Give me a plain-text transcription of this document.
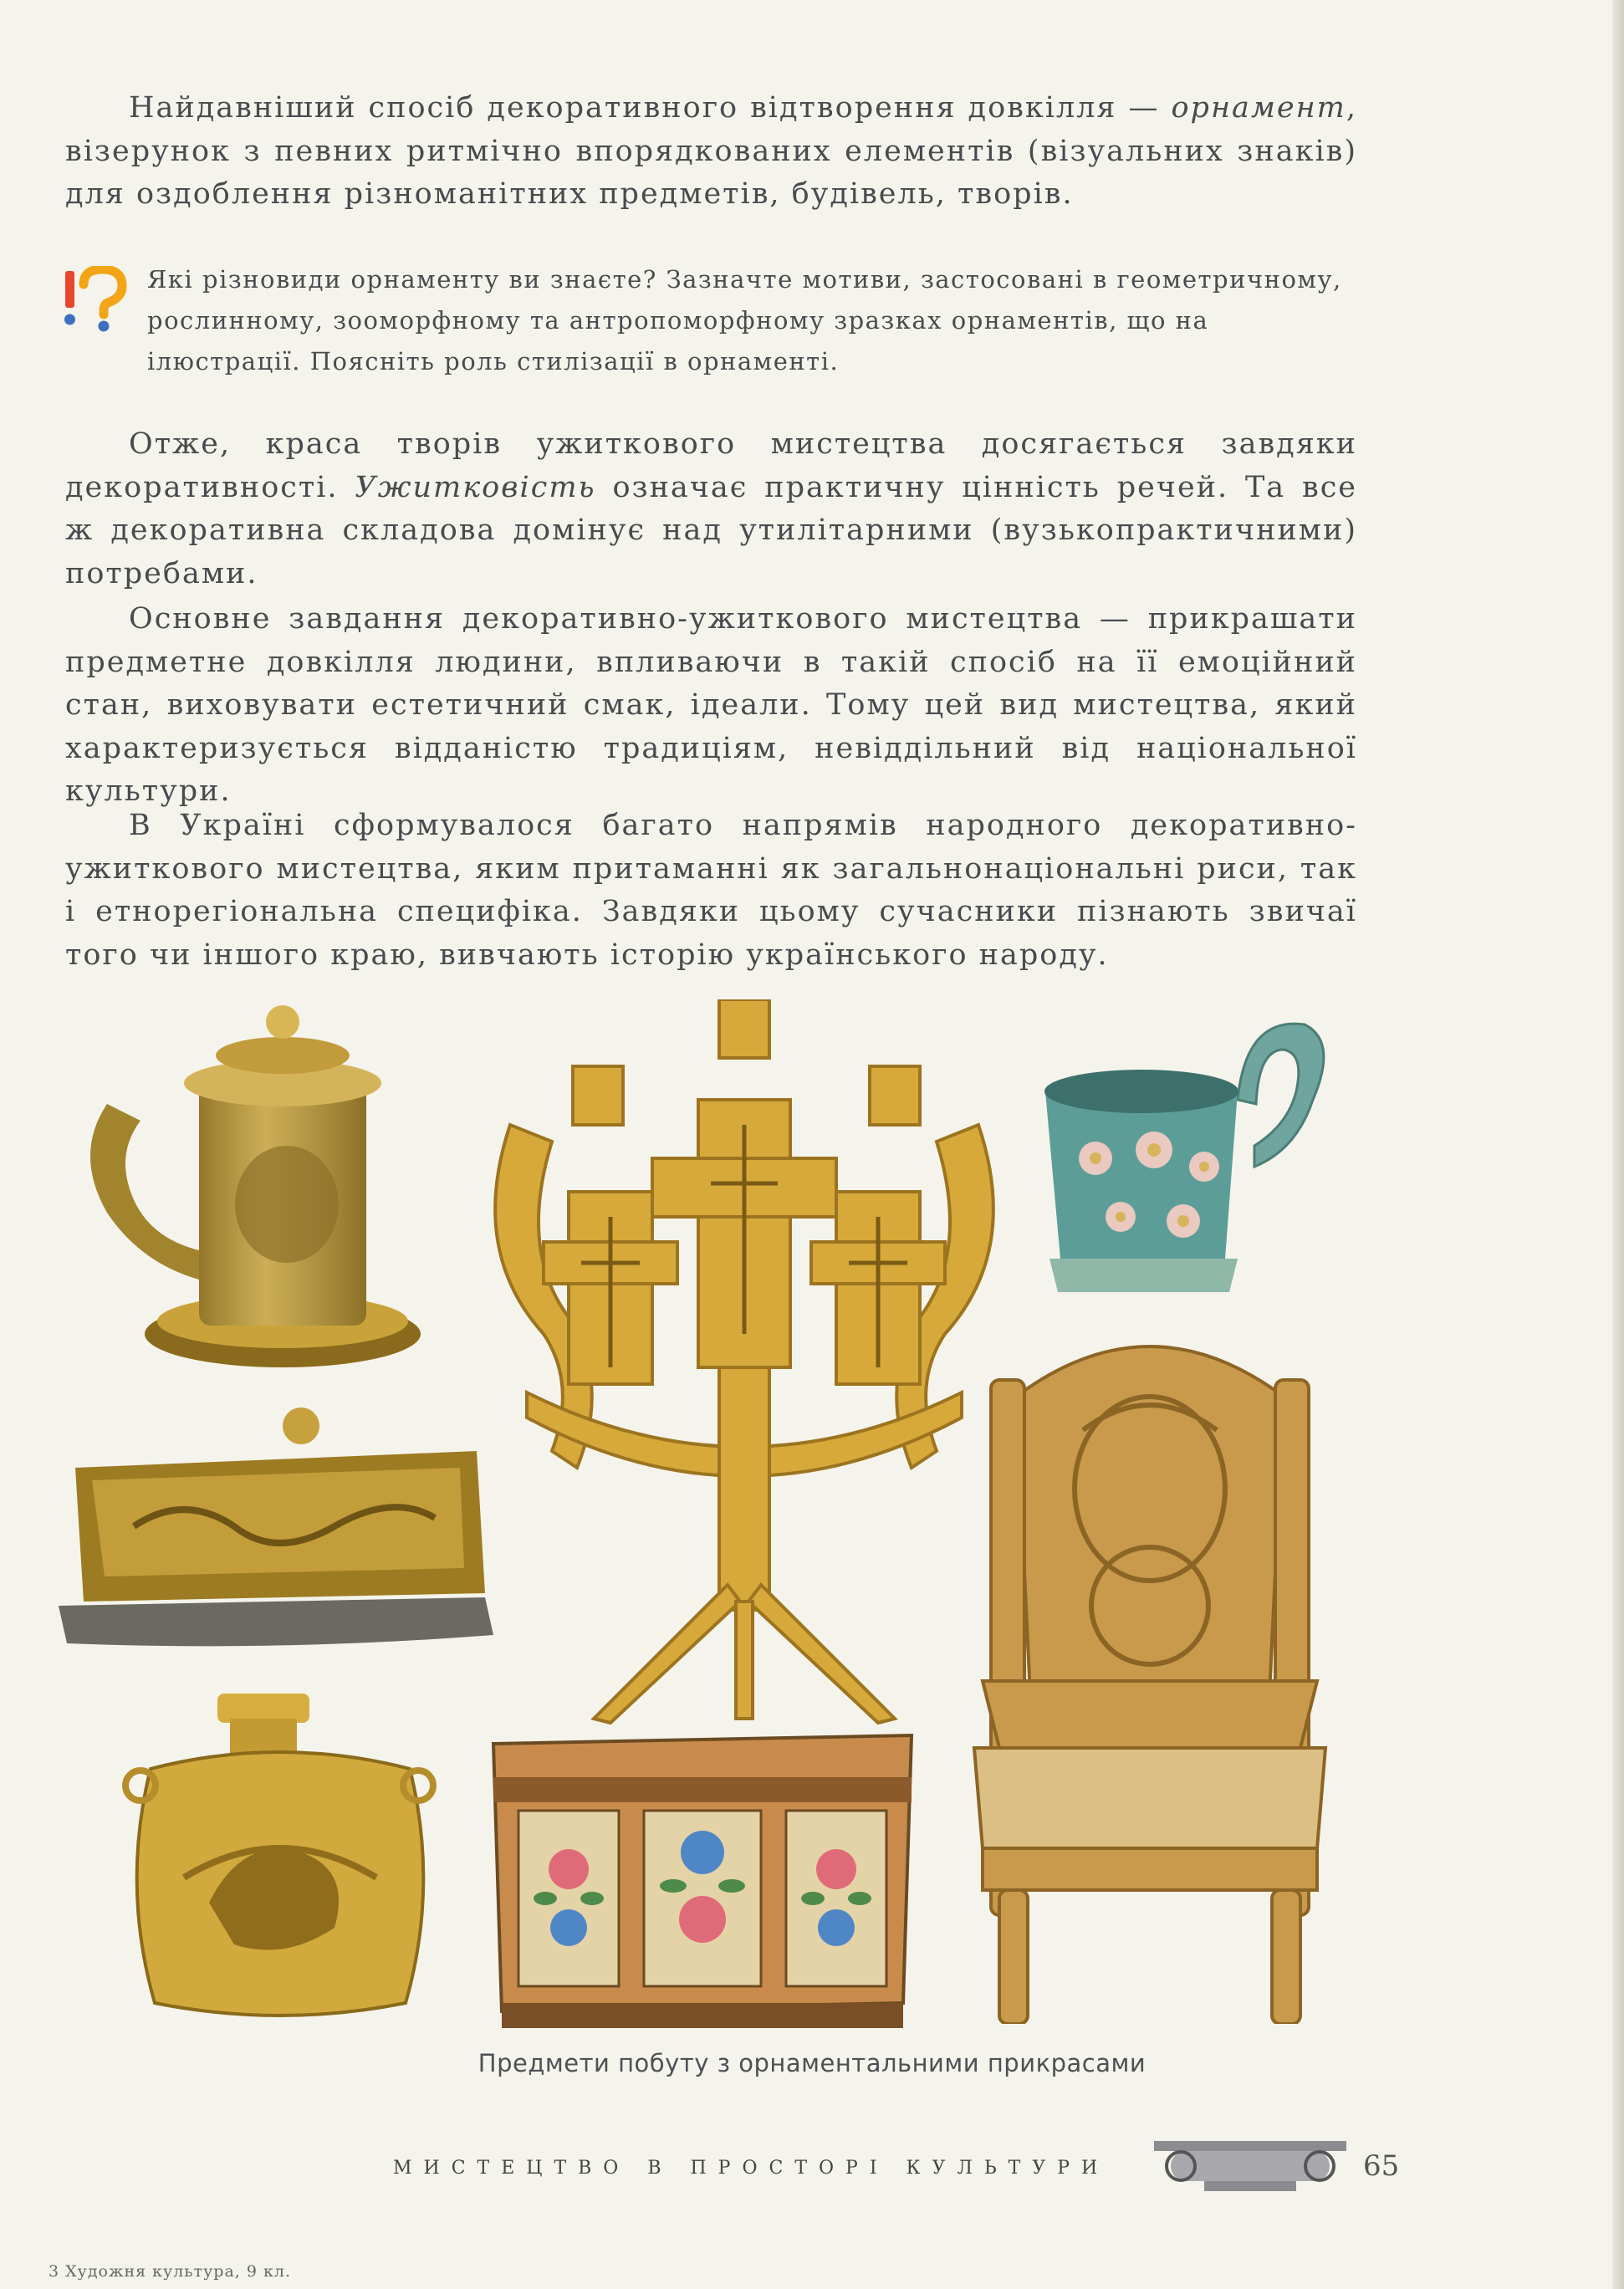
Найдавніший спосіб декоративного відтворення довкілля — орнамент, візерунок з певних ритмічно впорядкованих елементів (візуальних знаків) для оздоблення різноманітних предметів, будівель, творів.

Які різновиди орнаменту ви знаєте? Зазначте мотиви, застосовані в геометричному, рослинному, зооморфному та антропоморфному зразках орнаментів, що на ілюстрації. Поясніть роль стилізації в орнаменті.

Отже, краса творів ужиткового мистецтва досягається завдяки декоративності. Ужитковість означає практичну цінність речей. Та все ж декоративна складова домінує над утилітарними (вузькопрактичними) потребами.

Основне завдання декоративно-ужиткового мистецтва — прикрашати предметне довкілля людини, впливаючи в такій спосіб на її емоційний стан, виховувати естетичний смак, ідеали. Тому цей вид мистецтва, який характеризується відданістю традиціям, невіддільний від національної культури.

В Україні сформувалося багато напрямів народного декоративно-ужиткового мистецтва, яким притаманні як загальнонаціональні риси, так і етнорегіональна специфіка. Завдяки цьому сучасники пізнають звичаї того чи іншого краю, вивчають історію українського народу.

Предмети побуту з орнаментальними прикрасами
МИСТЕЦТВО В ПРОСТОРІ КУЛЬТУРИ	65
3 Художня культура, 9 кл.
